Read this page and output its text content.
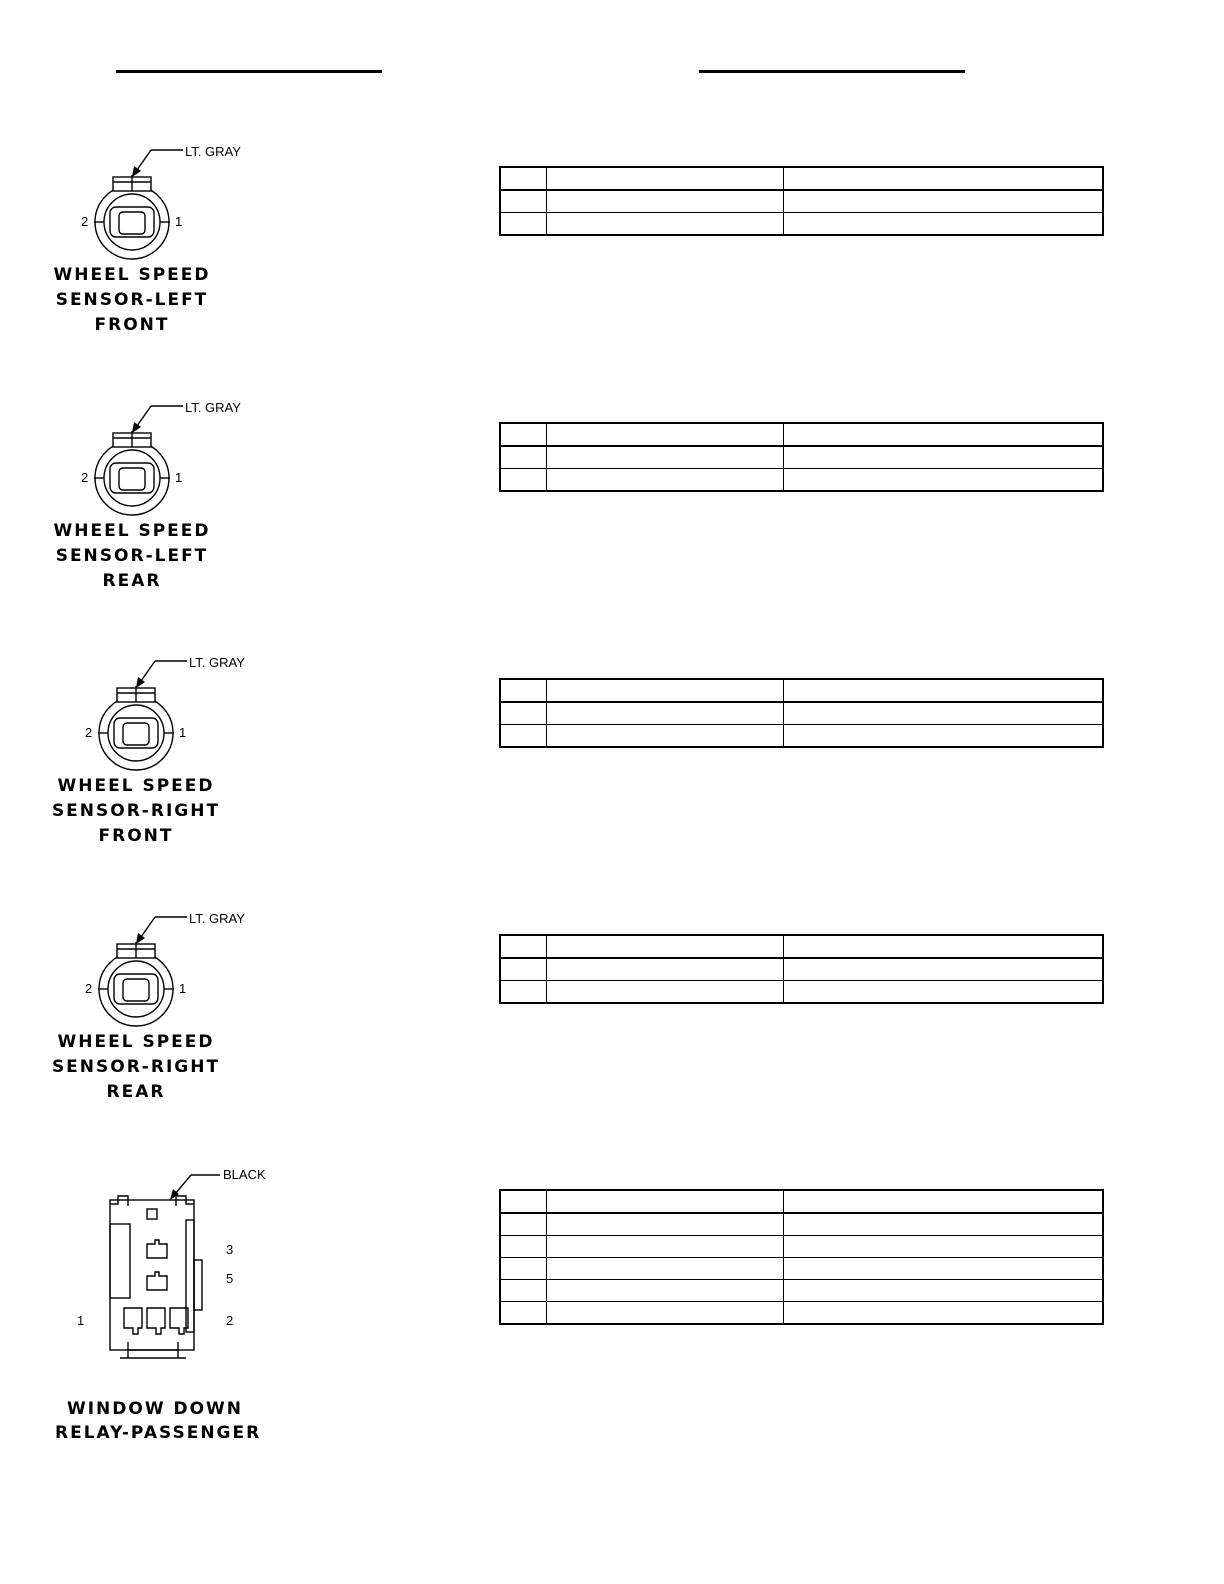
LT. GRAY
2	1
WHEEL SPEED
SENSOR-LEFT
FRONT

LT. GRAY
2	1
WHEEL SPEED
SENSOR-LEFT
REAR

LT. GRAY
2	1
WHEEL SPEED
SENSOR-RIGHT
FRONT

LT. GRAY
2	1
WHEEL SPEED
SENSOR-RIGHT
REAR

BLACK
3
5
1	2
WINDOW DOWN
RELAY-PASSENGER
